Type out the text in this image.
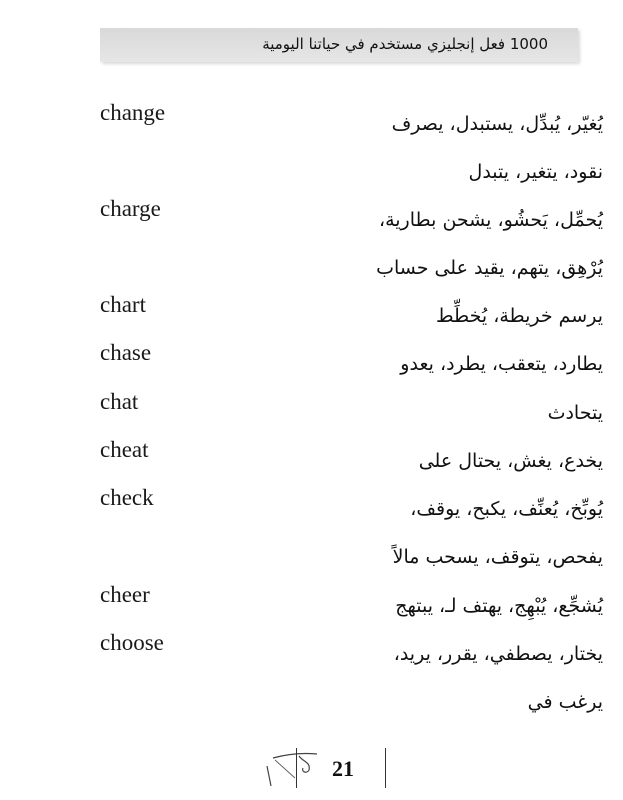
1000 فعل إنجليزي مستخدم في حياتنا اليومية
change	يُغيّر، يُبدِّل، يستبدل، يصرف
نقود، يتغير، يتبدل
charge	يُحمِّل، يَحشُو، يشحن بطارية،
يُرْهِق، يتهم، يقيد على حساب
chart	يرسم خريطة، يُخطِّط
chase	يطارد، يتعقب، يطرد، يعدو
chat	يتحادث
cheat	يخدع، يغش، يحتال على
check	يُوبِّخ، يُعنِّف، يكبح، يوقف،
يفحص، يتوقف، يسحب مالاً
cheer	يُشجِّع، يُبْهِج، يهتف لـ، يبتهج
choose	يختار، يصطفي، يقرر، يريد،
يرغب في
21
